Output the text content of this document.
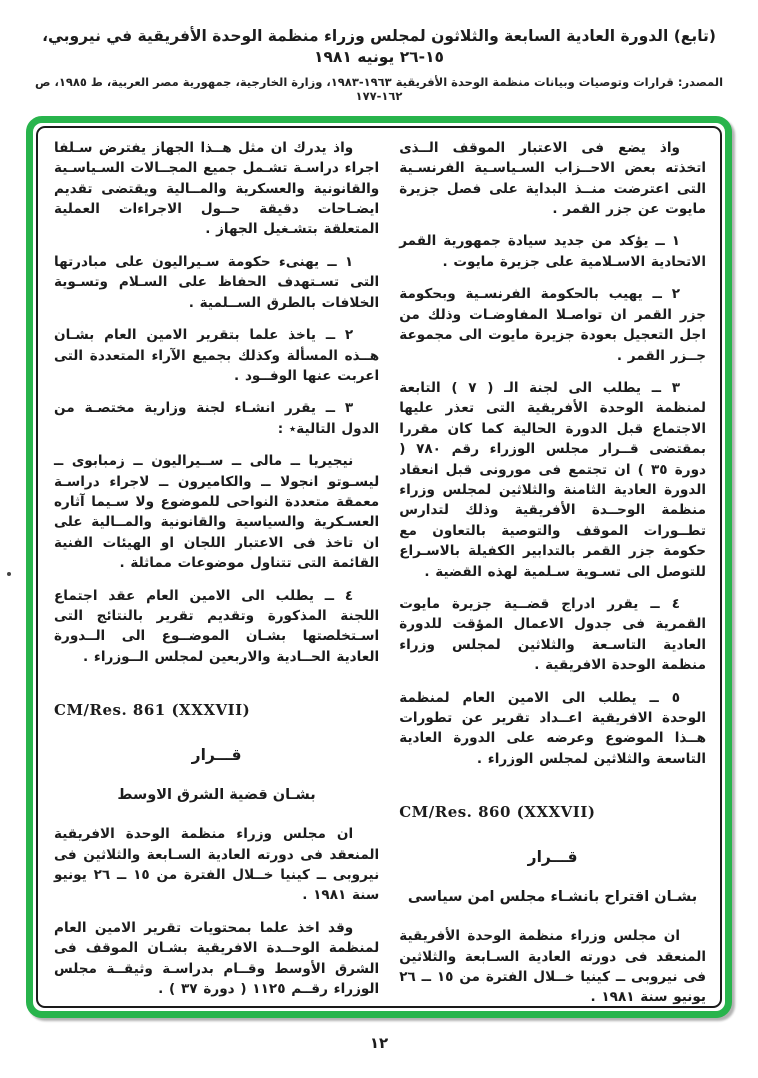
(تابع) الدورة العادية السابعة والثلاثون لمجلس وزراء منظمة الوحدة الأفريقية في نيروبي، ١٥-٢٦ يونيه ١٩٨١
المصدر: قرارات وتوصيات وبيانات منظمة الوحدة الأفريقية ١٩٦٣-١٩٨٣، وزارة الخارجية، جمهورية مصر العربية، ط ١٩٨٥، ص ١٦٢-١٧٧

واذ يضع فى الاعتبار الموقف الــذى اتخذته بعض الاحــزاب السـياسـية الفرنسـية التى اعترضت منــذ البداية على فصل جزيرة مايوت عن جزر القمر .

١ ــ يؤكد من جديد سيادة جمهورية القمر الاتحادية الاسـلامية على جزيرة مايوت .

٢ ــ يهيب بالحكومة الفرنسـية وبحكومة جزر القمر ان تواصـلا المفاوضـات وذلك من اجل التعجيل بعودة جزيرة مايوت الى مجموعة جــزر القمر .

٣ ــ يطلب الى لجنة الـ ( ٧ ) التابعة لمنظمة الوحدة الأفريقية التى تعذر عليها الاجتماع قبل الدورة الحالية كما كان مقررا بمقتضى قــرار مجلس الوزراء رقم ٧٨٠ ( دورة ٣٥ ) ان تجتمع فى مورونى قبل انعقاد الدورة العادية الثامنة والثلاثين لمجلس وزراء منظمة الوحــدة الأفريقية وذلك لتدارس تطــورات الموقف والتوصية بالتعاون مع حكومة جزر القمر بالتدابير الكفيلة بالاسـراع للتوصل الى تسـوية سـلمية لهذه القضية .

٤ ــ يقرر ادراج قضــية جزيرة مايوت القمرية فى جدول الاعمال المؤقت للدورة العادية التاسـعة والثلاثين لمجلس وزراء منظمة الوحدة الافريقية .

٥ ــ يطلب الى الامين العام لمنظمة الوحدة الافريقية اعــداد تقرير عن تطورات هــذا الموضوع وعرضه على الدورة العادية التاسعة والثلاثين لمجلس الوزراء .

CM/Res. 860 (XXXVII)
قـــرار
بشـان اقتراح بانشـاء مجلس امن سياسى

ان مجلس وزراء منظمة الوحدة الأفريقية المنعقد فى دورته العادية السـابعة والثلاثين فى نيروبى ــ كينيا خــلال الفترة من ١٥ ــ ٢٦ يونيو سنة ١٩٨١ .

واذ يدرك ان مثل هــذا الجهاز يفترض سـلفا اجراء دراسـة تشـمل جميع المجــالات السـياسـية والقانونية والعسكرية والمــالية ويقتضى تقديم ايضـاحات دقيقة حــول الاجراءات العملية المتعلقة بتشـغيل الجهاز .

١ ــ يهنىء حكومة سـيراليون على مبادرتها التى تسـتهدف الحفاظ على السـلام وتسـوية الخلافات بالطرق الســلمية .

٢ ــ ياخذ علما بتقرير الامين العام بشـان هــذه المسألة وكذلك بجميع الآراء المتعددة التى اعربت عنها الوفــود .

٣ ــ يقرر انشـاء لجنة وزارية مختصـة من الدول التالية٭ :

نيجيريا ــ مالى ــ ســيراليون ــ زمبابوى ــ ليسـوتو انجولا ــ والكاميرون ــ لاجراء دراسـة معمقة متعددة النواحى للموضوع ولا سـيما آثاره العسـكرية والسياسية والقانونية والمــالية على ان تاخذ فى الاعتبار اللجان او الهيئات الفنية القائمة التى تتناول موضوعات مماثلة .

٤ ــ يطلب الى الامين العام عقد اجتماع اللجنة المذكورة وتقديم تقرير بالنتائج التى اسـتخلصتها بشـان الموضــوع الى الــدورة العادية الحــادية والاربعين لمجلس الــوزراء .

CM/Res. 861 (XXXVII)
قـــرار
بشـان قضية الشرق الاوسط

ان مجلس وزراء منظمة الوحدة الافريقية المنعقد فى دورته العادية السـابعة والثلاثين فى نيروبى ــ كينيا خــلال الفترة من ١٥ ــ ٢٦ يونيو سنة ١٩٨١ .

وقد اخذ علما بمحتويات تقرير الامين العام لمنظمة الوحــدة الافريقية بشـان الموقف فى الشرق الأوسط وقــام بدراسـة وثيقــة مجلس الوزراء رقــم ١١٢٥ ( دورة ٣٧ ) .

١٢
